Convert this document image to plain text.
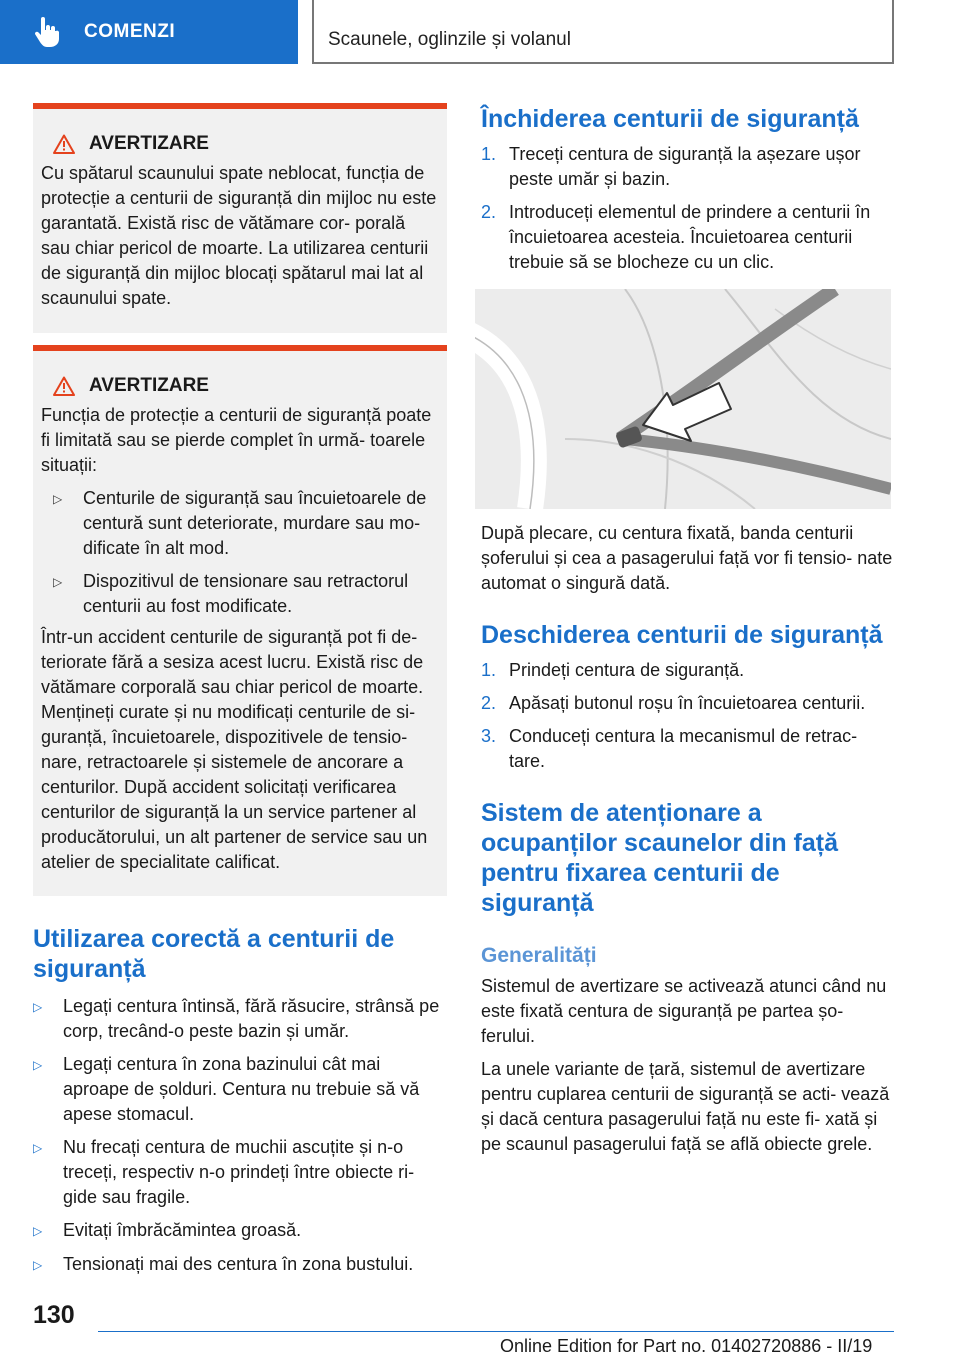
COMENZI	Scaunele, oglinzile și volanul
AVERTIZARE

Cu spătarul scaunului spate neblocat, funcția de protecție a centurii de siguranță din mijloc nu este garantată. Există risc de vătămare cor‐ porală sau chiar pericol de moarte. La utilizarea centurii de siguranță din mijloc blocați spătarul mai lat al scaunului spate.

AVERTIZARE

Funcția de protecție a centurii de siguranță poate fi limitată sau se pierde complet în urmă‐ toarele situații:

▷	Centurile de siguranță sau încuietoarele de centură sunt deteriorate, murdare sau mo‐ dificate în alt mod.
▷	Dispozitivul de tensionare sau retractorul centurii au fost modificate.

Într-un accident centurile de siguranță pot fi de‐ teriorate fără a sesiza acest lucru. Există risc de vătămare corporală sau chiar pericol de moarte. Mențineți curate și nu modificați centurile de si‐ guranță, încuietoarele, dispozitivele de tensio‐ nare, retractoarele și sistemele de ancorare a centurilor. După accident solicitați verificarea centurilor de siguranță la un service partener al producătorului, un alt partener de service sau un atelier de specialitate calificat.

Utilizarea corectă a centurii de siguranță
▷	Legați centura întinsă, fără răsucire, strânsă pe corp, trecând-o peste bazin și umăr.
▷	Legați centura în zona bazinului cât mai aproape de șolduri. Centura nu trebuie să vă apese stomacul.
▷	Nu frecați centura de muchii ascuțite și n-o treceți, respectiv n-o prindeți între obiecte ri‐ gide sau fragile.
▷	Evitați îmbrăcămintea groasă.
▷	Tensionați mai des centura în zona bustului.
Închiderea centurii de siguranță
1. Treceți centura de siguranță la așezare ușor peste umăr și bazin.
2. Introduceți elementul de prindere a centurii în încuietoarea acesteia. Încuietoarea centurii trebuie să se blocheze cu un clic.

După plecare, cu centura fixată, banda centurii șoferului și cea a pasagerului față vor fi tensio‐ nate automat o singură dată.

Deschiderea centurii de siguranță
1. Prindeți centura de siguranță.
2. Apăsați butonul roșu în încuietoarea centurii.
3. Conduceți centura la mecanismul de retrac‐ tare.
Sistem de atenționare a ocupanților scaunelor din față pentru fixarea centurii de siguranță
Generalități

Sistemul de avertizare se activează atunci când nu este fixată centura de siguranță pe partea șo‐ ferului.

La unele variante de țară, sistemul de avertizare pentru cuplarea centurii de siguranță se acti‐ vează și dacă centura pasagerului față nu este fi‐ xată și pe scaunul pasagerului față se află obiecte grele.

130
Online Edition for Part no. 01402720886 - II/19
